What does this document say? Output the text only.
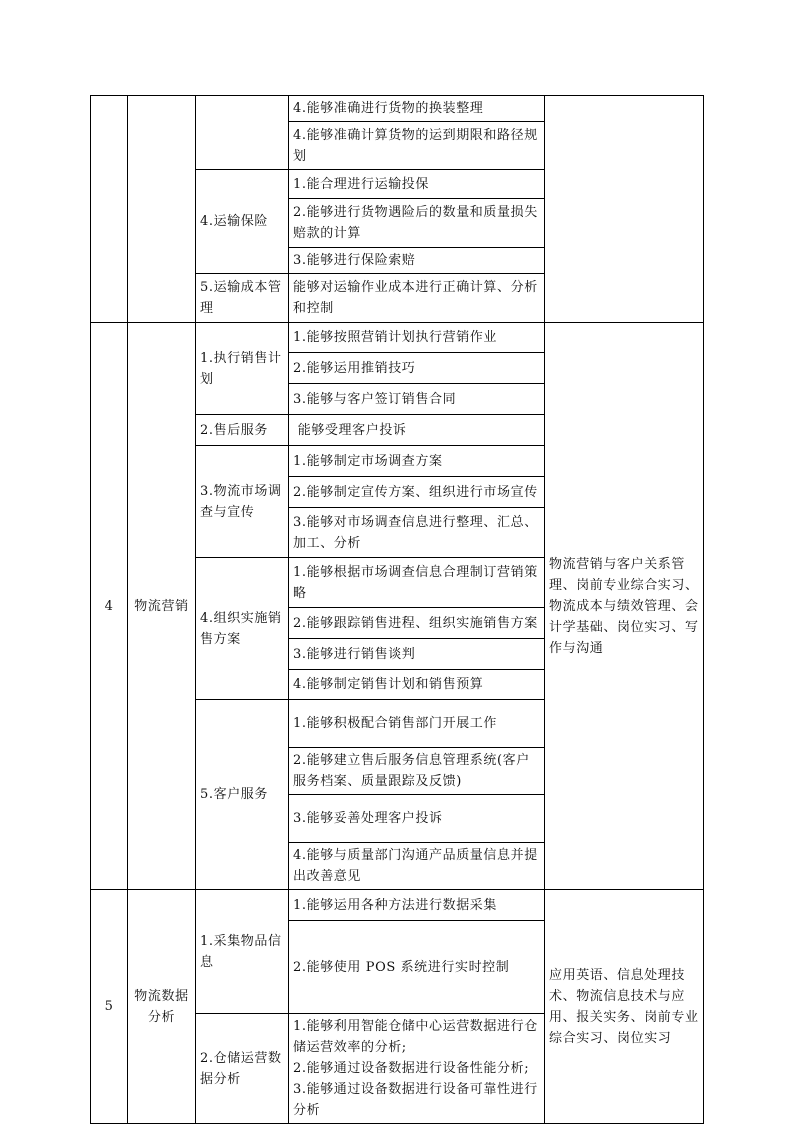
			4.能够准确进行货物的换装整理	
			4.能够准确计算货物的运到期限和路径规划	
		4.运输保险	1.能合理进行运输投保	
			2.能够进行货物遇险后的数量和质量损失赔款的计算	
			3.能够进行保险索赔	
		5.运输成本管理	能够对运输作业成本进行正确计算、分析和控制	
4	物流营销	1.执行销售计划	1.能够按照营销计划执行营销作业	物流营销与客户关系管理、岗前专业综合实习、物流成本与绩效管理、会计学基础、岗位实习、写作与沟通
			2.能够运用推销技巧	
			3.能够与客户签订销售合同	
		2.售后服务	能够受理客户投诉	
		3.物流市场调查与宣传	1.能够制定市场调查方案	
			2.能够制定宣传方案、组织进行市场宣传	
			3.能够对市场调查信息进行整理、汇总、加工、分析	
		4.组织实施销售方案	1.能够根据市场调查信息合理制订营销策略	
			2.能够跟踪销售进程、组织实施销售方案	
			3.能够进行销售谈判	
			4.能够制定销售计划和销售预算	
		5.客户服务	1.能够积极配合销售部门开展工作	
			2.能够建立售后服务信息管理系统(客户服务档案、质量跟踪及反馈)	
			3.能够妥善处理客户投诉	
			4.能够与质量部门沟通产品质量信息并提出改善意见	
5	物流数据分析	1.采集物品信息	1.能够运用各种方法进行数据采集	应用英语、信息处理技术、物流信息技术与应用、报关实务、岗前专业综合实习、岗位实习
			2.能够使用 POS 系统进行实时控制	
		2.仓储运营数据分析	1.能够利用智能仓储中心运营数据进行仓储运营效率的分析;
2.能够通过设备数据进行设备性能分析;
3.能够通过设备数据进行设备可靠性进行分析	
